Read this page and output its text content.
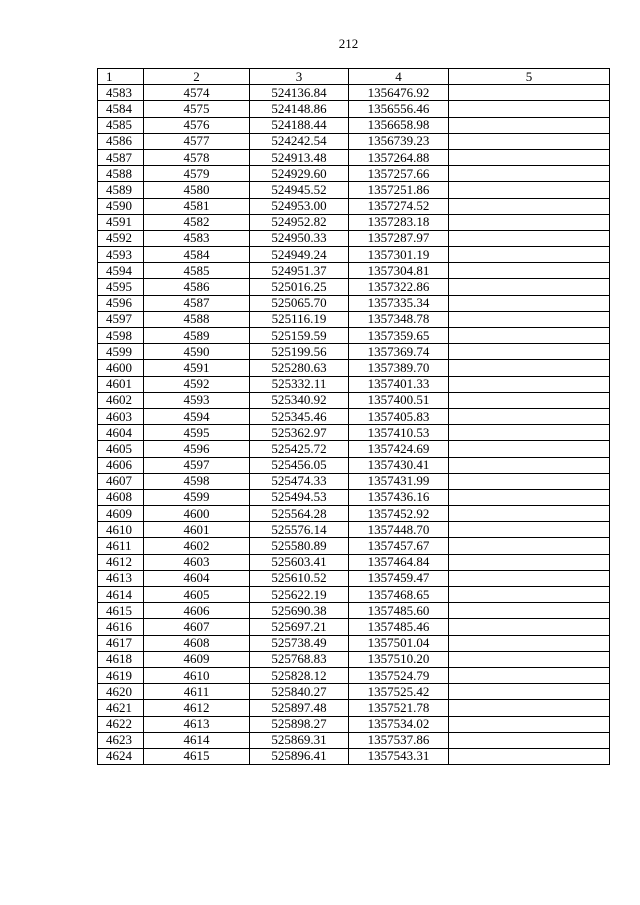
212
1	2	3	4	5
4583	4574	524136.84	1356476.92	
4584	4575	524148.86	1356556.46	
4585	4576	524188.44	1356658.98	
4586	4577	524242.54	1356739.23	
4587	4578	524913.48	1357264.88	
4588	4579	524929.60	1357257.66	
4589	4580	524945.52	1357251.86	
4590	4581	524953.00	1357274.52	
4591	4582	524952.82	1357283.18	
4592	4583	524950.33	1357287.97	
4593	4584	524949.24	1357301.19	
4594	4585	524951.37	1357304.81	
4595	4586	525016.25	1357322.86	
4596	4587	525065.70	1357335.34	
4597	4588	525116.19	1357348.78	
4598	4589	525159.59	1357359.65	
4599	4590	525199.56	1357369.74	
4600	4591	525280.63	1357389.70	
4601	4592	525332.11	1357401.33	
4602	4593	525340.92	1357400.51	
4603	4594	525345.46	1357405.83	
4604	4595	525362.97	1357410.53	
4605	4596	525425.72	1357424.69	
4606	4597	525456.05	1357430.41	
4607	4598	525474.33	1357431.99	
4608	4599	525494.53	1357436.16	
4609	4600	525564.28	1357452.92	
4610	4601	525576.14	1357448.70	
4611	4602	525580.89	1357457.67	
4612	4603	525603.41	1357464.84	
4613	4604	525610.52	1357459.47	
4614	4605	525622.19	1357468.65	
4615	4606	525690.38	1357485.60	
4616	4607	525697.21	1357485.46	
4617	4608	525738.49	1357501.04	
4618	4609	525768.83	1357510.20	
4619	4610	525828.12	1357524.79	
4620	4611	525840.27	1357525.42	
4621	4612	525897.48	1357521.78	
4622	4613	525898.27	1357534.02	
4623	4614	525869.31	1357537.86	
4624	4615	525896.41	1357543.31	
